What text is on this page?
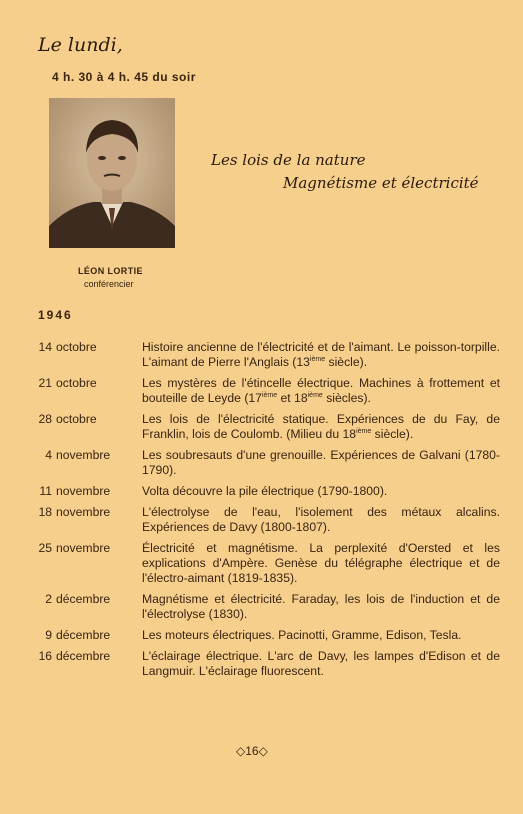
Le lundi,
4 h. 30 à 4 h. 45 du soir
LÉON LORTIE
conférencier
Les lois de la nature
Magnétisme et électricité
1946
14 octobre	Histoire ancienne de l'électricité et de l'aimant. Le poisson-torpille. L'aimant de Pierre l'Anglais (13ième siècle).
21 octobre	Les mystères de l'étincelle électrique. Machines à frottement et bouteille de Leyde (17ième et 18ième siècles).
28 octobre	Les lois de l'électricité statique. Expériences de du Fay, de Franklin, lois de Coulomb. (Milieu du 18ième siècle).
4 novembre	Les soubresauts d'une grenouille. Expériences de Galvani (1780-1790).
11 novembre	Volta découvre la pile électrique (1790-1800).
18 novembre	L'électrolyse de l'eau, l'isolement des métaux alcalins. Expériences de Davy (1800-1807).
25 novembre	Électricité et magnétisme. La perplexité d'Oersted et les explications d'Ampère. Genèse du télégraphe électrique et de l'électro-aimant (1819-1835).
2 décembre	Magnétisme et électricité. Faraday, les lois de l'induction et de l'électrolyse (1830).
9 décembre	Les moteurs électriques. Pacinotti, Gramme, Edison, Tesla.
16 décembre	L'éclairage électrique. L'arc de Davy, les lampes d'Edison et de Langmuir. L'éclairage fluorescent.
◇16◇
